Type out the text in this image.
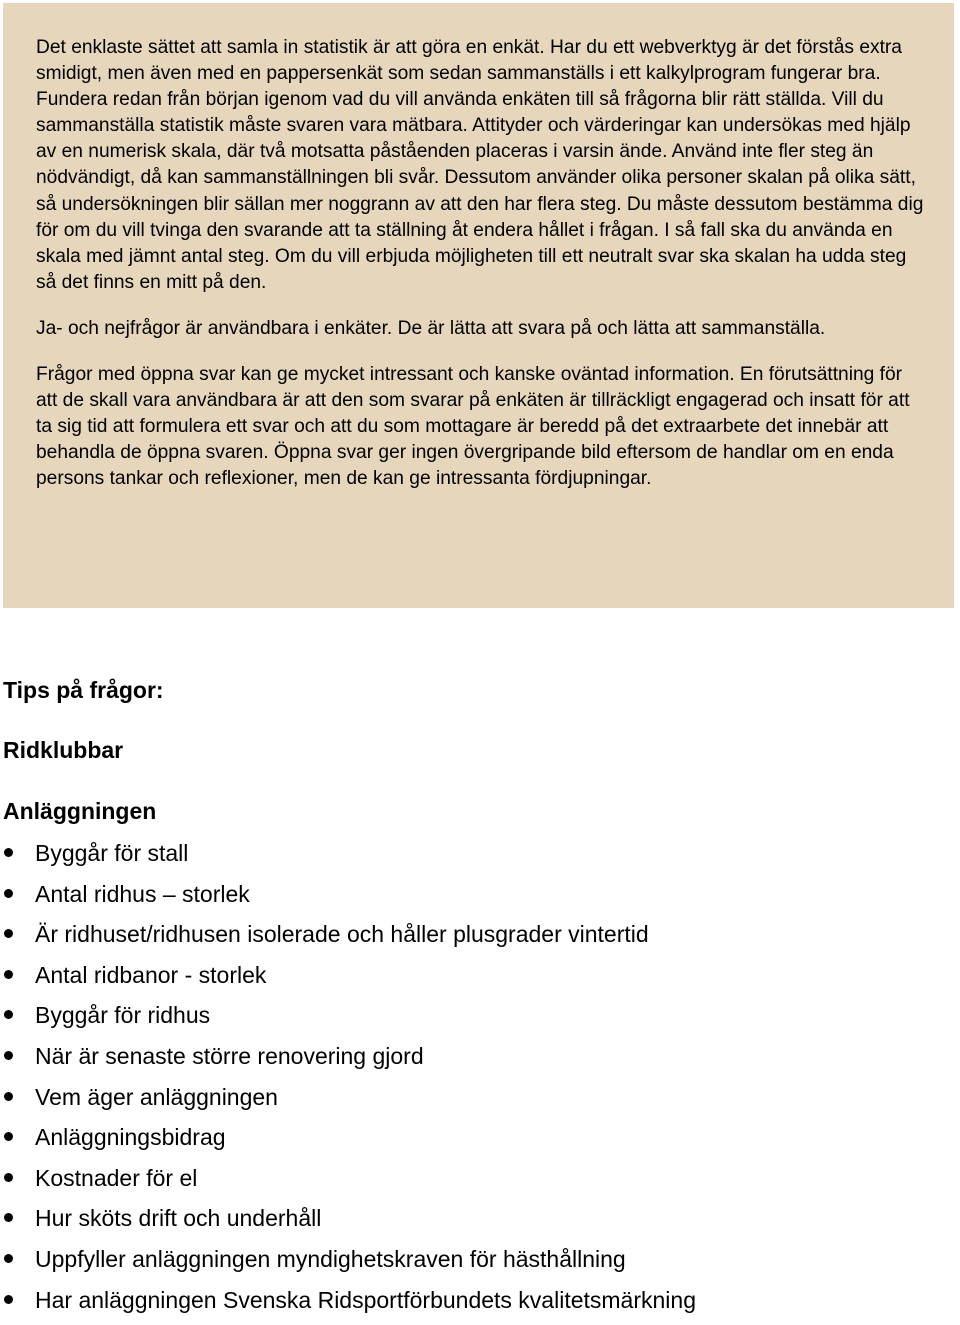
Det enklaste sättet att samla in statistik är att göra en enkät. Har du ett webverktyg är det förstås extra smidigt, men även med en pappersenkät som sedan sammanställs i ett kalkylprogram fungerar bra. Fundera redan från början igenom vad du vill använda enkäten till så frågorna blir rätt ställda. Vill du sammanställa statistik måste svaren vara mätbara. Attityder och värderingar kan undersökas med hjälp av en numerisk skala, där två motsatta påståenden placeras i varsin ände. Använd inte fler steg än nödvändigt, då kan sammanställningen bli svår. Dessutom använder olika personer skalan på olika sätt, så undersökningen blir sällan mer noggrann av att den har flera steg. Du måste dessutom bestämma dig för om du vill tvinga den svarande att ta ställning åt endera hållet i frågan. I så fall ska du använda en skala med jämnt antal steg. Om du vill erbjuda möjligheten till ett neutralt svar ska skalan ha udda steg så det finns en mitt på den.

Ja- och nejfrågor är användbara i enkäter. De är lätta att svara på och lätta att sammanställa.

Frågor med öppna svar kan ge mycket intressant och kanske oväntad information. En förutsättning för att de skall vara användbara är att den som svarar på enkäten är tillräckligt engagerad och insatt för att ta sig tid att formulera ett svar och att du som mottagare är beredd på det extraarbete det innebär att behandla de öppna svaren. Öppna svar ger ingen övergripande bild eftersom de handlar om en enda persons tankar och reflexioner, men de kan ge intressanta fördjupningar.

Tips på frågor:
Ridklubbar
Anläggningen
Byggår för stall
Antal ridhus – storlek
Är ridhuset/ridhusen isolerade och håller plusgrader vintertid
Antal ridbanor - storlek
Byggår för ridhus
När är senaste större renovering gjord
Vem äger anläggningen
Anläggningsbidrag
Kostnader för el
Hur sköts drift och underhåll
Uppfyller anläggningen myndighetskraven för hästhållning
Har anläggningen Svenska Ridsportförbundets kvalitetsmärkning
